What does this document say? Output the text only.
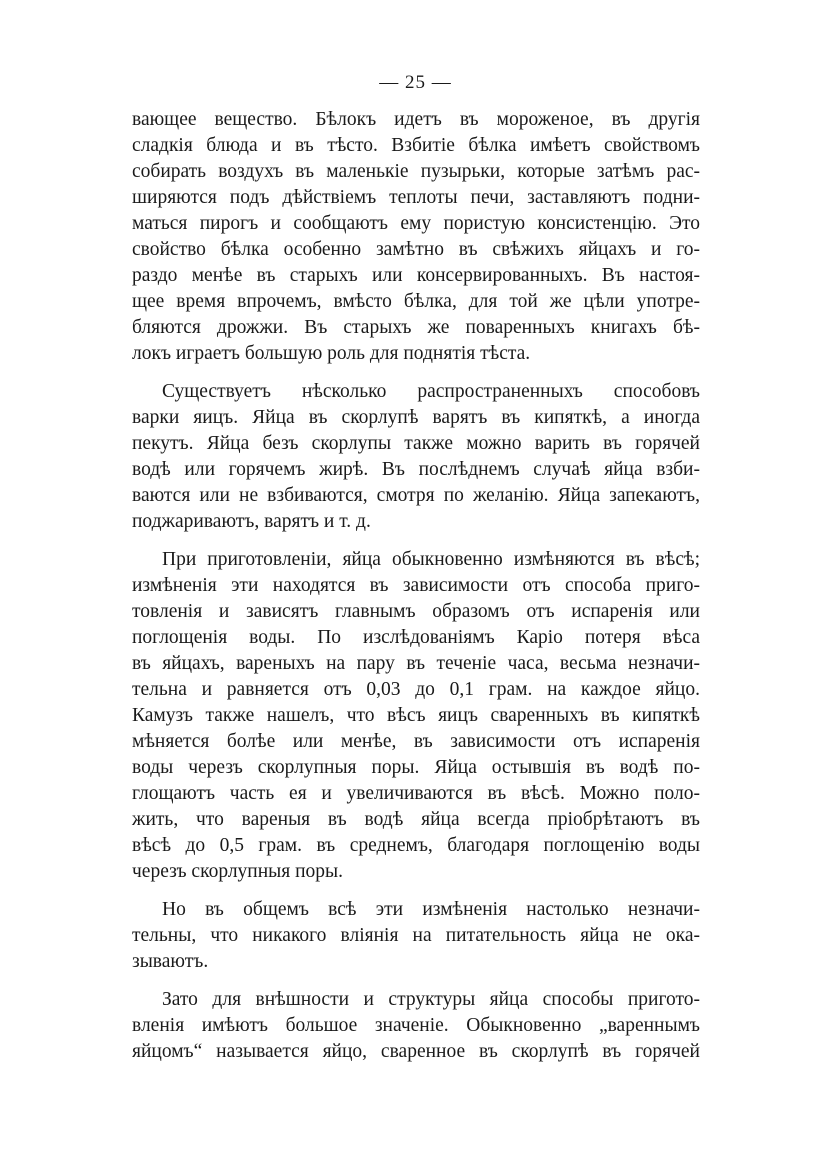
— 25 —
вающее вещество. Бѣлокъ идетъ въ мороженое, въ другія
сладкія блюда и въ тѣсто. Взбитіе бѣлка имѣетъ свойствомъ
собирать воздухъ въ маленькіе пузырьки, которые затѣмъ рас-
ширяются подъ дѣйствіемъ теплоты печи, заставляютъ подни-
маться пирогъ и сообщаютъ ему пористую консистенцію. Это
свойство бѣлка особенно замѣтно въ свѣжихъ яйцахъ и го-
раздо менѣе въ старыхъ или консервированныхъ. Въ настоя-
щее время впрочемъ, вмѣсто бѣлка, для той же цѣли употре-
бляются дрожжи. Въ старыхъ же поваренныхъ книгахъ бѣ-
локъ играетъ большую роль для поднятія тѣста.
Существуетъ нѣсколько распространенныхъ способовъ
варки яицъ. Яйца въ скорлупѣ варятъ въ кипяткѣ, а иногда
пекутъ. Яйца безъ скорлупы также можно варить въ горячей
водѣ или горячемъ жирѣ. Въ послѣднемъ случаѣ яйца взби-
ваются или не взбиваются, смотря по желанію. Яйца запекаютъ,
поджариваютъ, варятъ и т. д.
При приготовленіи, яйца обыкновенно измѣняются въ вѣсѣ;
измѣненія эти находятся въ зависимости отъ способа приго-
товленія и зависятъ главнымъ образомъ отъ испаренія или
поглощенія воды. По изслѣдованіямъ Каріо потеря вѣса
въ яйцахъ, вареныхъ на пару въ теченіе часа, весьма незначи-
тельна и равняется отъ 0,03 до 0,1 грам. на каждое яйцо.
Камузъ также нашелъ, что вѣсъ яицъ сваренныхъ въ кипяткѣ
мѣняется болѣе или менѣе, въ зависимости отъ испаренія
воды черезъ скорлупныя поры. Яйца остывшія въ водѣ по-
глощаютъ часть ея и увеличиваются въ вѣсѣ. Можно поло-
жить, что вареныя въ водѣ яйца всегда пріобрѣтаютъ въ
вѣсѣ до 0,5 грам. въ среднемъ, благодаря поглощенію воды
черезъ скорлупныя поры.
Но въ общемъ всѣ эти измѣненія настолько незначи-
тельны, что никакого вліянія на питательность яйца не ока-
зываютъ.
Зато для внѣшности и структуры яйца способы пригото-
вленія имѣютъ большое значеніе. Обыкновенно „вареннымъ
яйцомъ“ называется яйцо, сваренное въ скорлупѣ въ горячей
